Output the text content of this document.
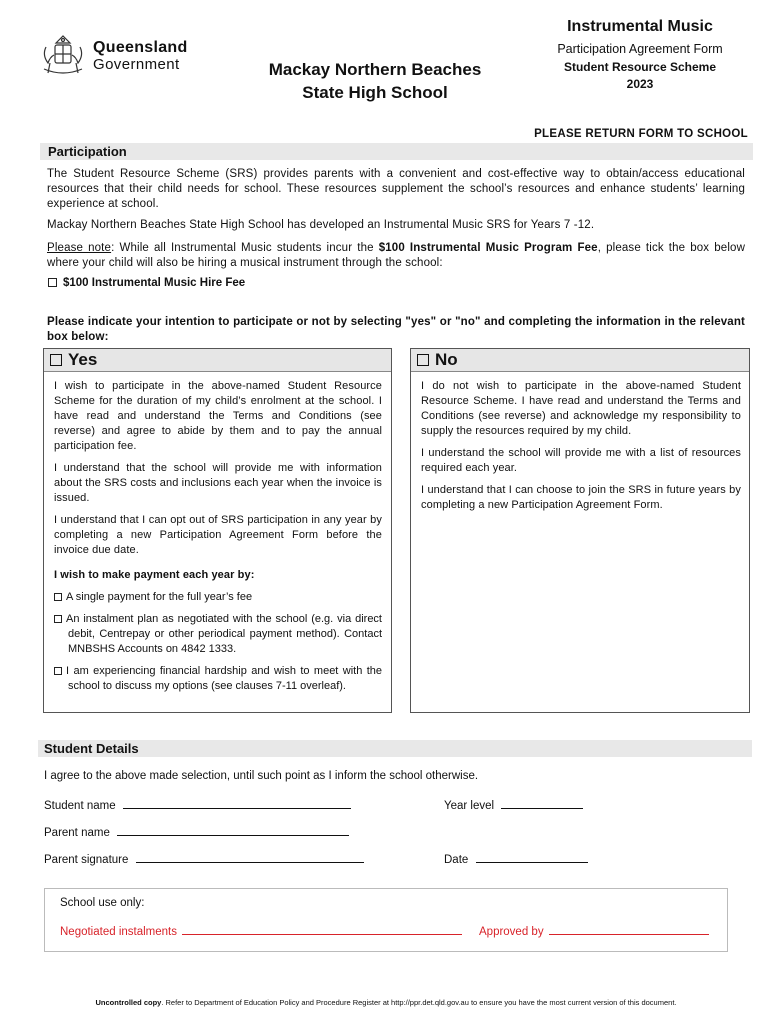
Queensland
Government	Mackay Northern Beaches
State High School
Instrumental Music
Participation Agreement Form
Student Resource Scheme
2023
PLEASE RETURN FORM TO SCHOOL
Participation
The Student Resource Scheme (SRS) provides parents with a convenient and cost-effective way to obtain/access educational resources that their child needs for school. These resources supplement the school’s resources and enhance students’ learning experience at school.
Mackay Northern Beaches State High School has developed an Instrumental Music SRS for Years 7 -12.
Please note: While all Instrumental Music students incur the $100 Instrumental Music Program Fee, please tick the box below where your child will also be hiring a musical instrument through the school:
$100 Instrumental Music Hire Fee
Please indicate your intention to participate or not by selecting "yes" or "no" and completing the information in the relevant box below:
Yes

I wish to participate in the above-named Student Resource Scheme for the duration of my child’s enrolment at the school. I have read and understand the Terms and Conditions (see reverse) and agree to abide by them and to pay the annual participation fee.

I understand that the school will provide me with information about the SRS costs and inclusions each year when the invoice is issued.

I understand that I can opt out of SRS participation in any year by completing a new Participation Agreement Form before the invoice due date.

I wish to make payment each year by:

A single payment for the full year’s fee
An instalment plan as negotiated with the school (e.g. via direct debit, Centrepay or other periodical payment method). Contact MNBSHS Accounts on 4842 1333.
I am experiencing financial hardship and wish to meet with the school to discuss my options (see clauses 7-11 overleaf).
No

I do not wish to participate in the above-named Student Resource Scheme. I have read and understand the Terms and Conditions (see reverse) and acknowledge my responsibility to supply the resources required by my child.

I understand the school will provide me with a list of resources required each year.

I understand that I can choose to join the SRS in future years by completing a new Participation Agreement Form.

Student Details
I agree to the above made selection, until such point as I inform the school otherwise.
Student name	Year level
Parent name
Parent signature	Date
School use only:
Negotiated instalments	Approved by
Uncontrolled copy. Refer to Department of Education Policy and Procedure Register at http://ppr.det.qld.gov.au to ensure you have the most current version of this document.
